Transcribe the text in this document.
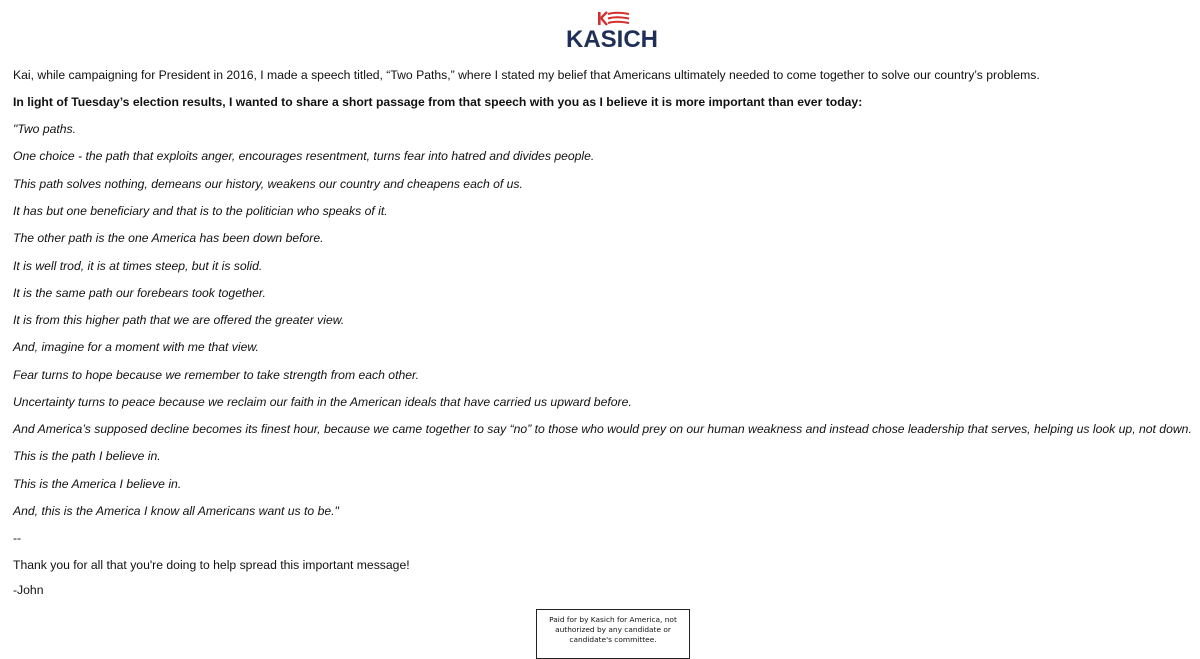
KASICH
Kai, while campaigning for President in 2016, I made a speech titled, “Two Paths,” where I stated my belief that Americans ultimately needed to come together to solve our country’s problems.
In light of Tuesday’s election results, I wanted to share a short passage from that speech with you as I believe it is more important than ever today:
"Two paths.
One choice - the path that exploits anger, encourages resentment, turns fear into hatred and divides people.
This path solves nothing, demeans our history, weakens our country and cheapens each of us.
It has but one beneficiary and that is to the politician who speaks of it.
The other path is the one America has been down before.
It is well trod, it is at times steep, but it is solid.
It is the same path our forebears took together.
It is from this higher path that we are offered the greater view.
And, imagine for a moment with me that view.
Fear turns to hope because we remember to take strength from each other.
Uncertainty turns to peace because we reclaim our faith in the American ideals that have carried us upward before.
And America’s supposed decline becomes its finest hour, because we came together to say “no” to those who would prey on our human weakness and instead chose leadership that serves, helping us look up, not down.
This is the path I believe in.
This is the America I believe in.
And, this is the America I know all Americans want us to be."
--
Thank you for all that you're doing to help spread this important message!
-John
Paid for by Kasich for America, not
authorized by any candidate or
candidate's committee.
